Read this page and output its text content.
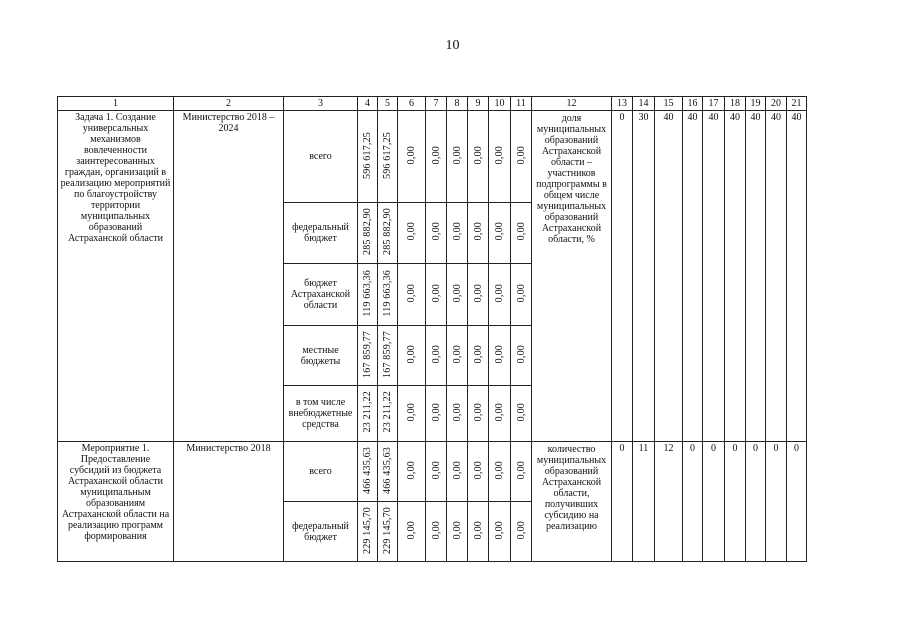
10
1	2	3	4	5	6	7	8	9	10	11	12	13	14	15	16	17	18	19	20	21
Задача 1. Создание универсальных механизмов вовлеченности заинтересованных граждан, организаций в реализацию мероприятий по благоустройству территории муниципальных образований Астраханской области	Министерство 2018 – 2024	всего	596 617,25	596 617,25	0,00	0,00	0,00	0,00	0,00	0,00	доля муниципальных образований Астраханской области – участников подпрограммы в общем числе муниципальных образований Астраханской области, %	0	30	40	40	40	40	40	40	40
		федеральный бюджет	285 882,90	285 882,90	0,00	0,00	0,00	0,00	0,00	0,00										
		бюджет Астраханской области	119 663,36	119 663,36	0,00	0,00	0,00	0,00	0,00	0,00										
		местные бюджеты	167 859,77	167 859,77	0,00	0,00	0,00	0,00	0,00	0,00										
		в том числе внебюджетные средства	23 211,22	23 211,22	0,00	0,00	0,00	0,00	0,00	0,00										
Мероприятие 1. Предоставление субсидий из бюджета Астраханской области муниципальным образованиям Астраханской области на реализацию программ формирования	Министерство 2018	всего	466 435,63	466 435,63	0,00	0,00	0,00	0,00	0,00	0,00	количество муниципальных образований Астраханской области, получивших субсидию на реализацию	0	11	12	0	0	0	0	0	0
		федеральный бюджет	229 145,70	229 145,70	0,00	0,00	0,00	0,00	0,00	0,00										
